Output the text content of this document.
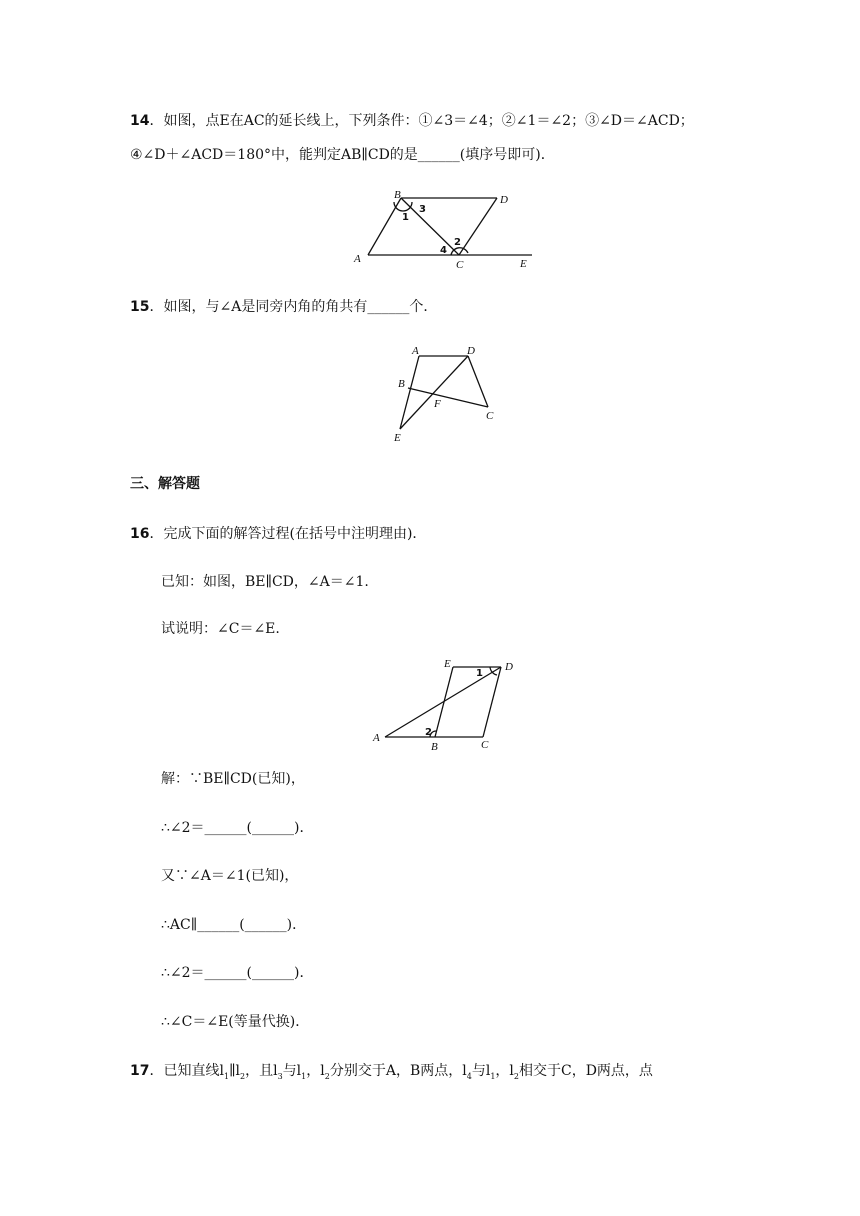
14．如图，点E在AC的延长线上，下列条件：①∠3＝∠4；②∠1＝∠2；③∠D＝∠ACD；
④∠D＋∠ACD＝180°中，能判定AB∥CD的是______(填序号即可)．
A
B	D
C	E
1
3
2
4
15．如图，与∠A是同旁内角的角共有______个．
A	D
B
F
C
E
三、解答题
16．完成下面的解答过程(在括号中注明理由)．
已知：如图，BE∥CD，∠A＝∠1.
试说明：∠C＝∠E.
A
B	C
D
E
1
2
解：∵BE∥CD(已知)，
∴∠2＝______(______)．
又∵∠A＝∠1(已知)，
∴AC∥______(______)．
∴∠2＝______(______)．
∴∠C＝∠E(等量代换)．
17．已知直线$l_1\parallel l_2$，且$l_3$与$l_1$，$l_2$分别交于A，B两点，$l_4$与$l_1$，$l_2$相交于C，D两点，点
